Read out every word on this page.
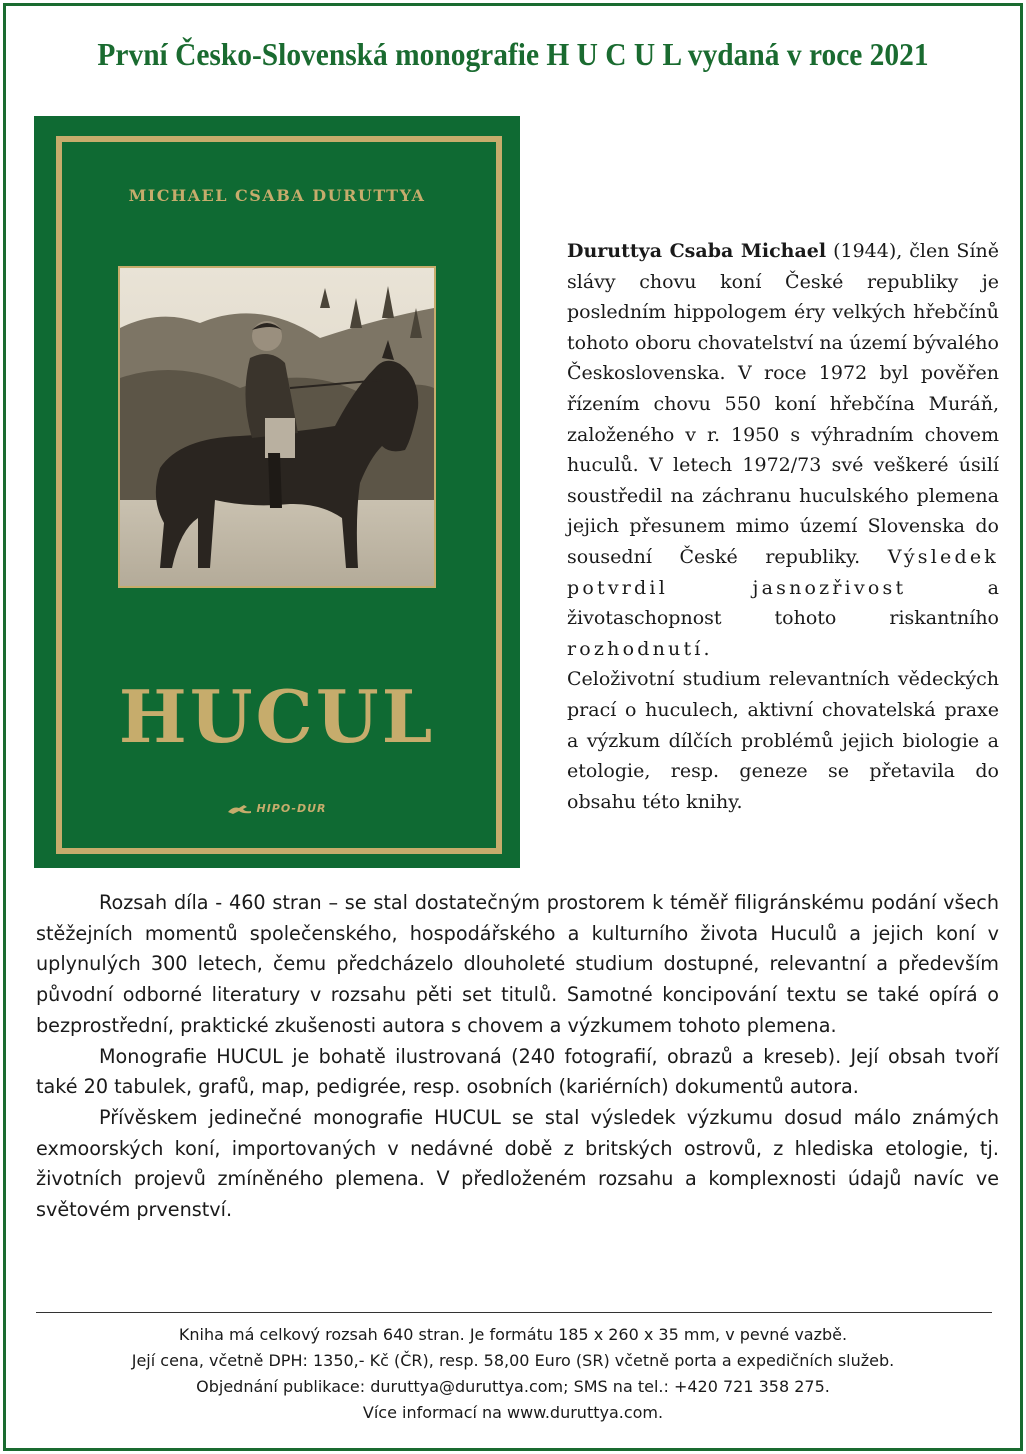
První Česko-Slovenská monografie H U C U L vydaná v roce 2021
MICHAEL CSABA DURUTTYA
HUCUL
HIPO-DUR

Duruttya Csaba Michael (1944), člen Síně slávy chovu koní České republiky je posledním hippologem éry velkých hřebčínů tohoto oboru chovatelství na území bývalého Československa. V roce 1972 byl pověřen řízením chovu 550 koní hřebčína Muráň, založeného v r. 1950 s výhradním chovem huculů. V letech 1972/73 své veškeré úsilí soustředil na záchranu huculského plemena jejich přesunem mimo území Slovenska do sousední České republiky. Výsledek potvrdil jasnozřivost a životaschopnost tohoto riskantního rozhodnutí.

Celoživotní studium relevantních vědeckých prací o huculech, aktivní chovatelská praxe a výzkum dílčích problémů jejich biologie a etologie, resp. geneze se přetavila do obsahu této knihy.

Rozsah díla - 460 stran – se stal dostatečným prostorem k téměř filigránskému podání všech stěžejních momentů společenského, hospodářského a kulturního života Huculů a jejich koní v uplynulých 300 letech, čemu předcházelo dlouholeté studium dostupné, relevantní a především původní odborné literatury v rozsahu pěti set titulů. Samotné koncipování textu se také opírá o bezprostřední, praktické zkušenosti autora s chovem a výzkumem tohoto plemena.

Monografie HUCUL je bohatě ilustrovaná (240 fotografií, obrazů a kreseb). Její obsah tvoří také 20 tabulek, grafů, map, pedigrée, resp. osobních (kariérních) dokumentů autora.

Přívěskem jedinečné monografie HUCUL se stal výsledek výzkumu dosud málo známých exmoorských koní, importovaných v nedávné době z britských ostrovů, z hlediska etologie, tj. životních projevů zmíněného plemena. V předloženém rozsahu a komplexnosti údajů navíc ve světovém prvenství.

Kniha má celkový rozsah 640 stran. Je formátu 185 x 260 x 35 mm, v pevné vazbě.
Její cena, včetně DPH: 1350,- Kč (ČR), resp. 58,00 Euro (SR) včetně porta a expedičních služeb.
Objednání publikace: duruttya@duruttya.com; SMS na tel.: +420 721 358 275.
Více informací na www.duruttya.com.
